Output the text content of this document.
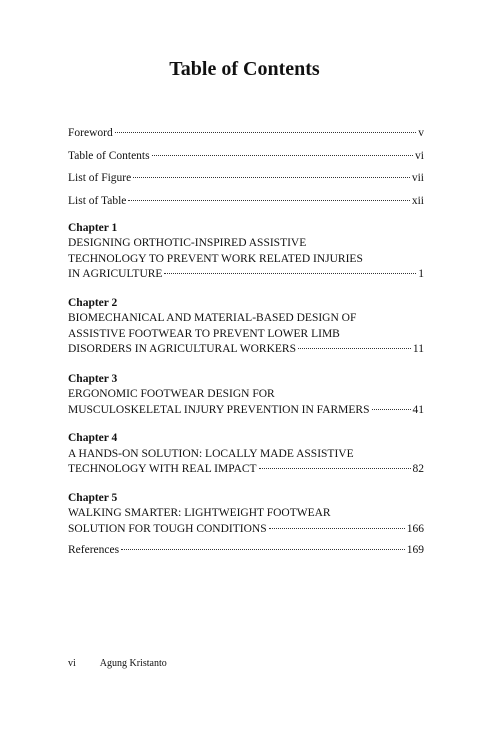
Table of Contents
Foreword	v
Table of Contents	vi
List of Figure	vii
List of Table	xii
Chapter 1
DESIGNING ORTHOTIC-INSPIRED ASSISTIVE
TECHNOLOGY TO PREVENT WORK RELATED INJURIES
IN AGRICULTURE	1
Chapter 2
BIOMECHANICAL AND MATERIAL-BASED DESIGN OF
ASSISTIVE FOOTWEAR TO PREVENT LOWER LIMB
DISORDERS IN AGRICULTURAL WORKERS	11
Chapter 3
ERGONOMIC FOOTWEAR DESIGN FOR
MUSCULOSKELETAL INJURY PREVENTION IN FARMERS	41
Chapter 4
A HANDS-ON SOLUTION: LOCALLY MADE ASSISTIVE
TECHNOLOGY WITH REAL IMPACT	82
Chapter 5
WALKING SMARTER: LIGHTWEIGHT FOOTWEAR
SOLUTION FOR TOUGH CONDITIONS	166
References	169
vi Agung Kristanto
